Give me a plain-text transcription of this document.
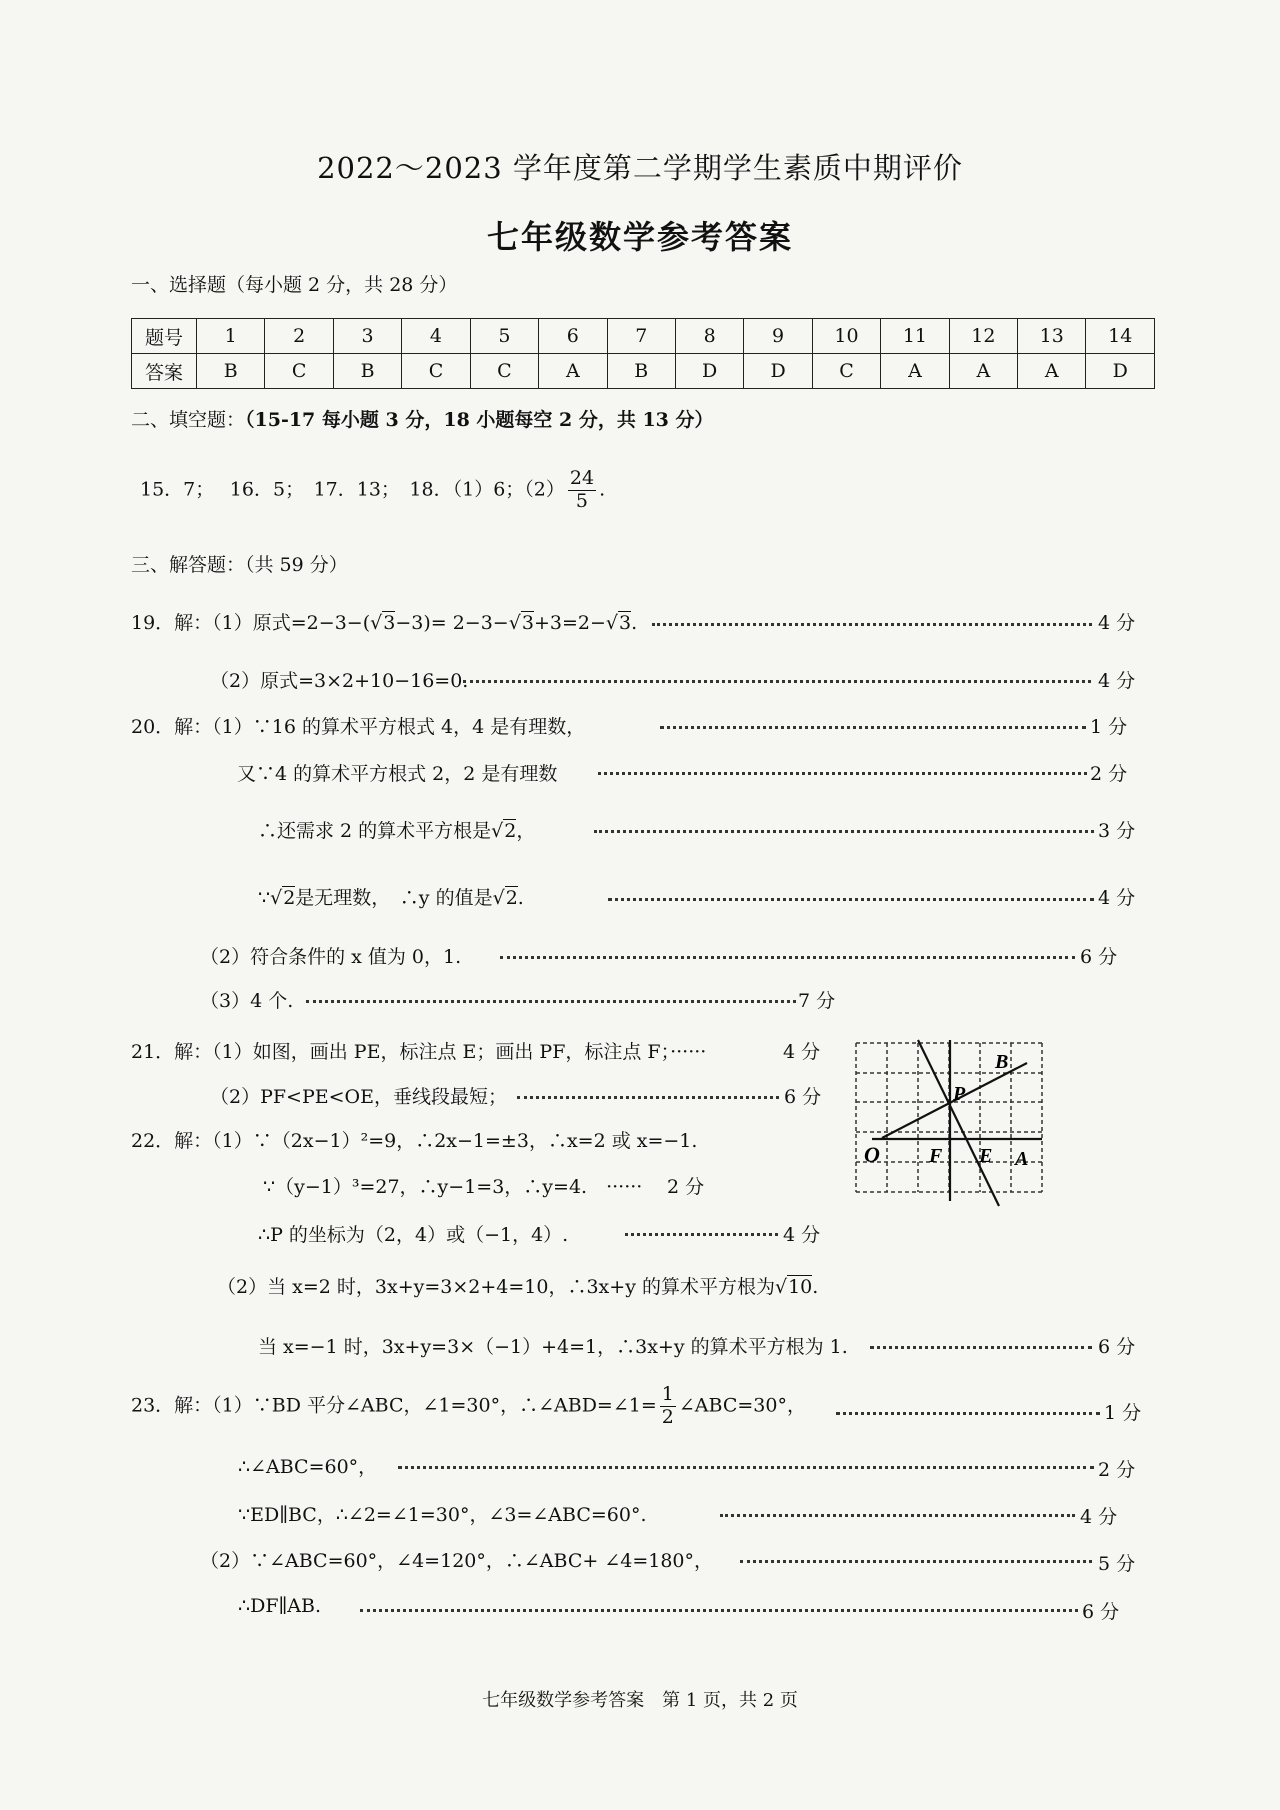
2022～2023 学年度第二学期学生素质中期评价
七年级数学参考答案
一、选择题（每小题 2 分，共 28 分）
题号	1	2	3	4	5	6	7	8	9	10	11	12	13	14
答案	B	C	B	C	C	A	B	D	D	C	A	A	A	D
二、填空题：（15-17 每小题 3 分，18 小题每空 2 分，共 13 分）
15．7；　 16．5；　17．13；　18．（1）6；$(2) \frac{24}{5}$ .
三、解答题：（共 59 分）
19．解：（1）原式=2−3−( √ 3−3)= 2−3− √ 3+3=2− √ 3.	4 分
（2）原式=3×2+10−16=0.	4 分
20．解：（1）∵16 的算术平方根式 4，4 是有理数，	1 分
又∵4 的算术平方根式 2，2 是有理数	2 分
∴还需求 2 的算术平方根是 √ 2，	3 分
∵ √ 2是无理数，　∴y 的值是 √ 2.	4 分
（2）符合条件的 x 值为 0，1.	6 分
（3）4 个.	7 分
21．解：（1）如图，画出 PE，标注点 E；画出 PF，标注点 F；······	4 分
（2）PF<PE<OE，垂线段最短；	6 分
O F E A
B
P
22．解：（1）∵（2x−1）²=9，∴2x−1=±3，∴x=2 或 x=−1.
∵（y−1）³=27，∴y−1=3，∴y=4.　······ 2 分
∴P 的坐标为（2，4）或（−1，4）.	4 分
（2）当 x=2 时，3x+y=3×2+4=10，∴3x+y 的算术平方根为 √ 10.
当 x=−1 时，3x+y=3×（−1）+4=1，∴3x+y 的算术平方根为 1.	6 分
23．解：（1）∵BD 平分∠ABC，∠1=30°，∴∠ABD=∠1= $\frac{1}{2}$ ∠ABC=30°，	1 分
∴∠ABC=60°，	2 分
∵ED∥BC，∴∠2=∠1=30°，∠3=∠ABC=60°.	4 分
（2）∵∠ABC=60°，∠4=120°，∴∠ABC+ ∠4=180°，	5 分
∴DF∥AB.	6 分
七年级数学参考答案　第 1 页，共 2 页
